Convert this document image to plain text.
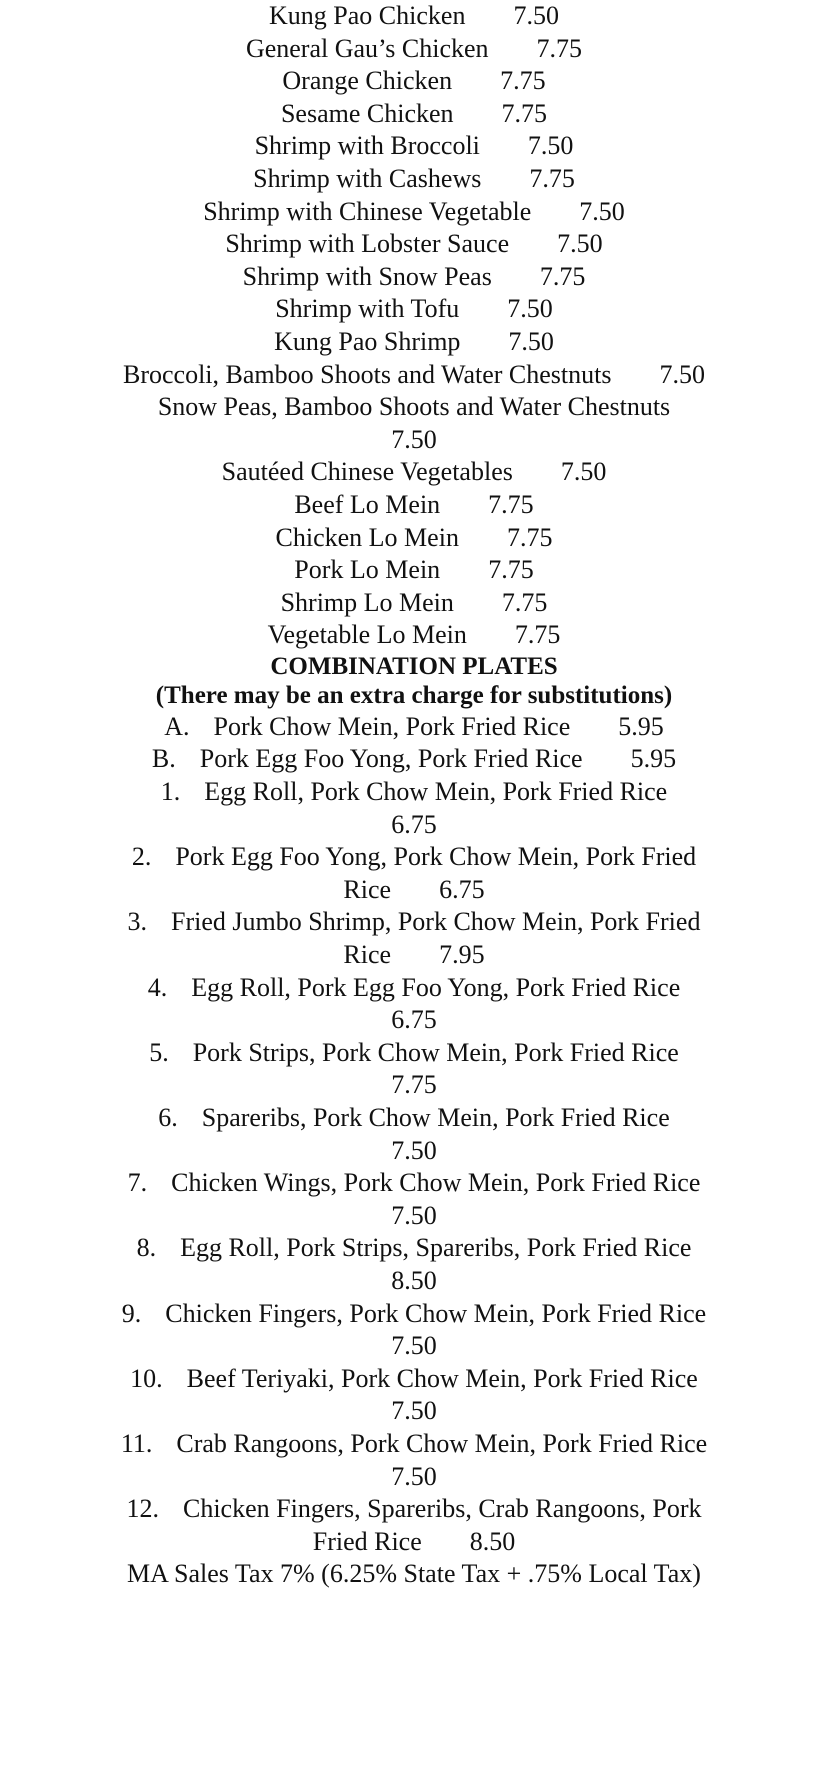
Kung Pao Chicken 7.50
General Gau’s Chicken 7.75
Orange Chicken 7.75
Sesame Chicken 7.75
Shrimp with Broccoli 7.50
Shrimp with Cashews 7.75
Shrimp with Chinese Vegetable 7.50
Shrimp with Lobster Sauce 7.50
Shrimp with Snow Peas 7.75
Shrimp with Tofu 7.50
Kung Pao Shrimp 7.50
Broccoli, Bamboo Shoots and Water Chestnuts 7.50
Snow Peas, Bamboo Shoots and Water Chestnuts
7.50
Sautéed Chinese Vegetables 7.50
Beef Lo Mein 7.75
Chicken Lo Mein 7.75
Pork Lo Mein 7.75
Shrimp Lo Mein 7.75
Vegetable Lo Mein 7.75
COMBINATION PLATES
(There may be an extra charge for substitutions)
A. Pork Chow Mein, Pork Fried Rice 5.95
B. Pork Egg Foo Yong, Pork Fried Rice 5.95
1. Egg Roll, Pork Chow Mein, Pork Fried Rice
6.75
2. Pork Egg Foo Yong, Pork Chow Mein, Pork Fried
Rice 6.75
3. Fried Jumbo Shrimp, Pork Chow Mein, Pork Fried
Rice 7.95
4. Egg Roll, Pork Egg Foo Yong, Pork Fried Rice
6.75
5. Pork Strips, Pork Chow Mein, Pork Fried Rice
7.75
6. Spareribs, Pork Chow Mein, Pork Fried Rice
7.50
7. Chicken Wings, Pork Chow Mein, Pork Fried Rice
7.50
8. Egg Roll, Pork Strips, Spareribs, Pork Fried Rice
8.50
9. Chicken Fingers, Pork Chow Mein, Pork Fried Rice
7.50
10. Beef Teriyaki, Pork Chow Mein, Pork Fried Rice
7.50
11. Crab Rangoons, Pork Chow Mein, Pork Fried Rice
7.50
12. Chicken Fingers, Spareribs, Crab Rangoons, Pork
Fried Rice 8.50
MA Sales Tax 7% (6.25% State Tax + .75% Local Tax)
